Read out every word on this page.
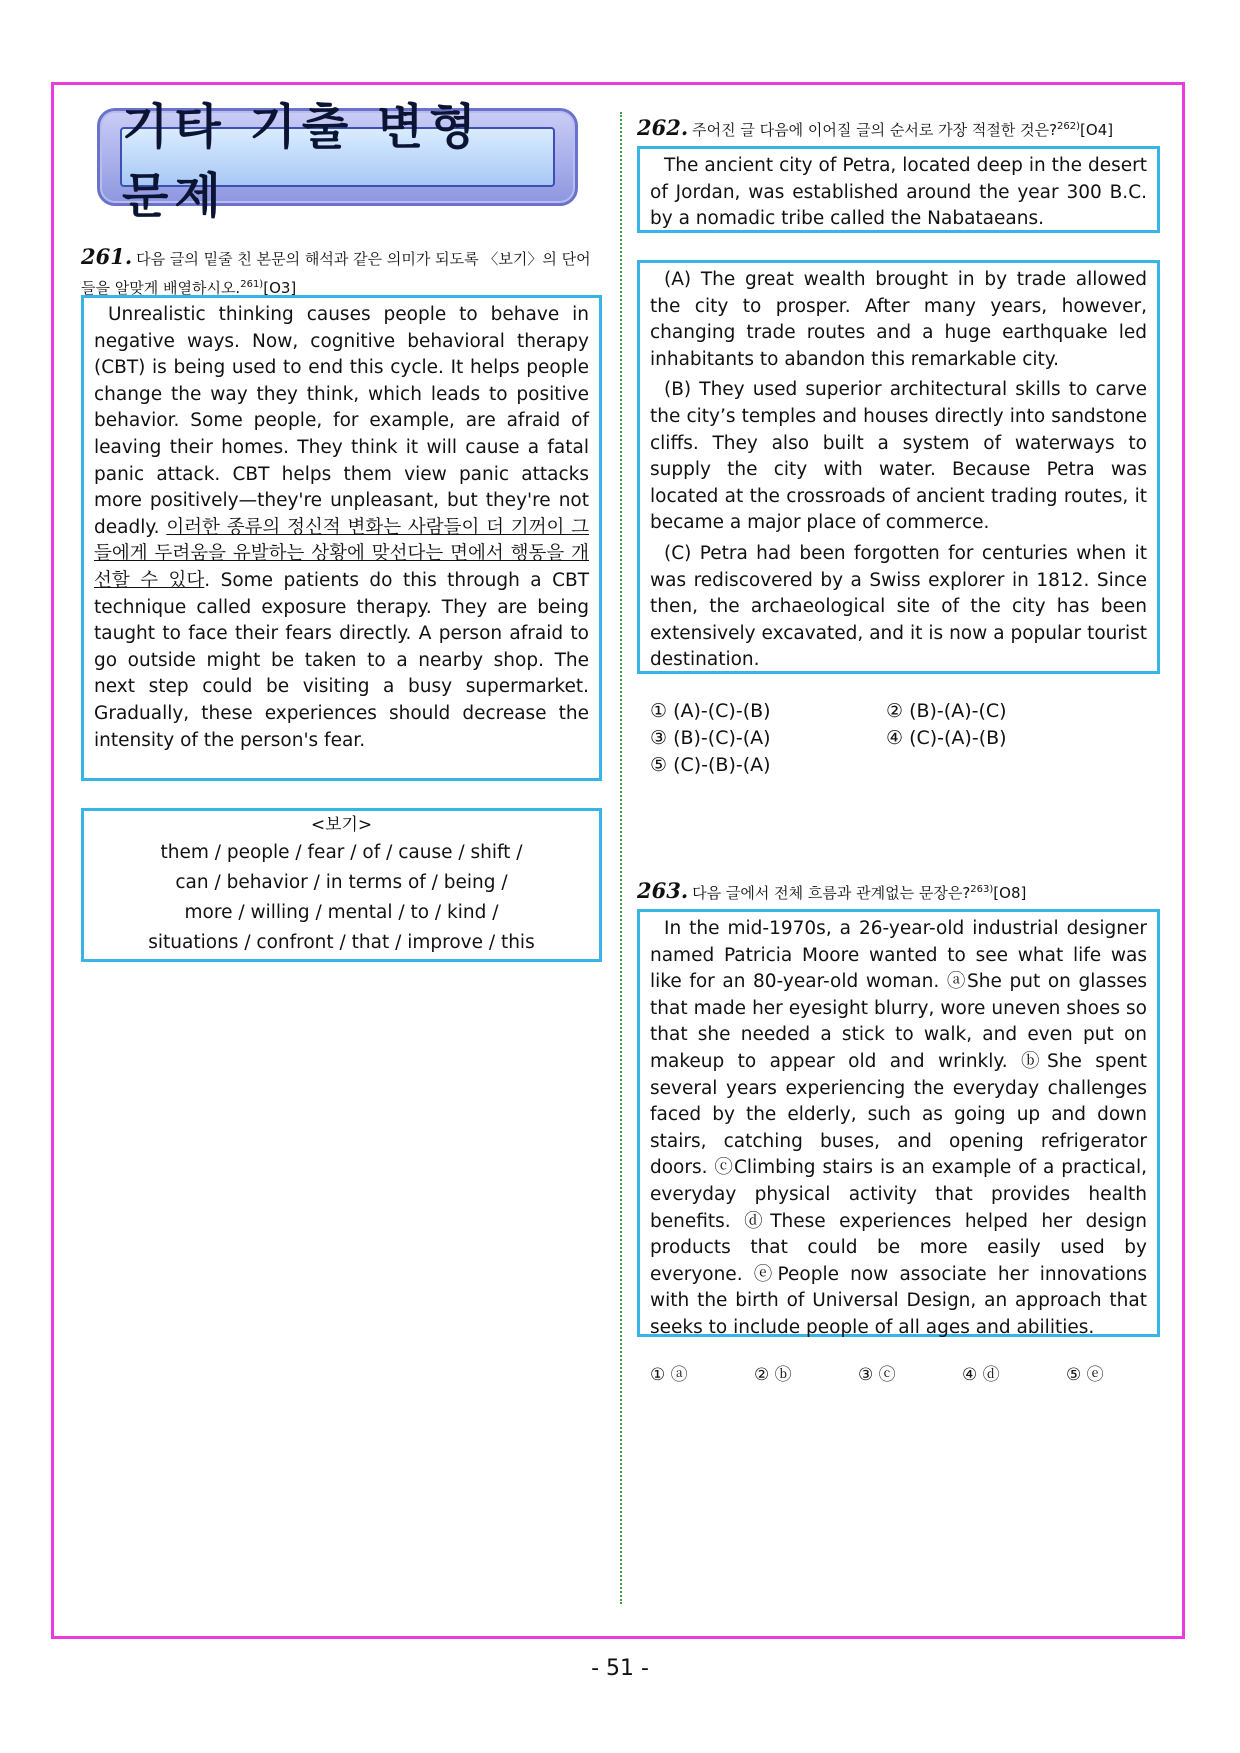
기타 기출 변형 문제
261. 다음 글의 밑줄 친 본문의 해석과 같은 의미가 되도록 〈보기〉의 단어들을 알맞게 배열하시오.$^{261)}$[O3]

Unrealistic thinking causes people to behave in negative ways. Now, cognitive behavioral therapy (CBT) is being used to end this cycle. It helps people change the way they think, which leads to positive behavior. Some people, for example, are afraid of leaving their homes. They think it will cause a fatal panic attack. CBT helps them view panic attacks more positively—they're unpleasant, but they're not deadly. 이러한 종류의 정신적 변화는 사람들이 더 기꺼이 그들에게 두려움을 유발하는 상황에 맞선다는 면에서 행동을 개선할 수 있다. Some patients do this through a CBT technique called exposure therapy. They are being taught to face their fears directly. A person afraid to go outside might be taken to a nearby shop. The next step could be visiting a busy supermarket. Gradually, these experiences should decrease the intensity of the person's fear.

<보기>
them / people / fear / of / cause / shift /
can / behavior / in terms of / being /
more / willing / mental / to / kind /
situations / confront / that / improve / this
262. 주어진 글 다음에 이어질 글의 순서로 가장 적절한 것은?$^{262)}$[O4]

The ancient city of Petra, located deep in the desert of Jordan, was established around the year 300 B.C. by a nomadic tribe called the Nabataeans.

(A) The great wealth brought in by trade allowed the city to prosper. After many years, however, changing trade routes and a huge earthquake led inhabitants to abandon this remarkable city.

(B) They used superior architectural skills to carve the city’s temples and houses directly into sandstone cliffs. They also built a system of waterways to supply the city with water. Because Petra was located at the crossroads of ancient trading routes, it became a major place of commerce.

(C) Petra had been forgotten for centuries when it was rediscovered by a Swiss explorer in 1812. Since then, the archaeological site of the city has been extensively excavated, and it is now a popular tourist destination.

① (A)-(C)-(B)	② (B)-(A)-(C)
③ (B)-(C)-(A)	④ (C)-(A)-(B)
⑤ (C)-(B)-(A)
263. 다음 글에서 전체 흐름과 관계없는 문장은?$^{263)}$[O8]

In the mid-1970s, a 26-year-old industrial designer named Patricia Moore wanted to see what life was like for an 80-year-old woman. ⓐShe put on glasses that made her eyesight blurry, wore uneven shoes so that she needed a stick to walk, and even put on makeup to appear old and wrinkly. ⓑShe spent several years experiencing the everyday challenges faced by the elderly, such as going up and down stairs, catching buses, and opening refrigerator doors. ⓒClimbing stairs is an example of a practical, everyday physical activity that provides health benefits. ⓓThese experiences helped her design products that could be more easily used by everyone. ⓔPeople now associate her innovations with the birth of Universal Design, an approach that seeks to include people of all ages and abilities.

① ⓐ	② ⓑ	③ ⓒ	④ ⓓ	⑤ ⓔ
- 51 -
